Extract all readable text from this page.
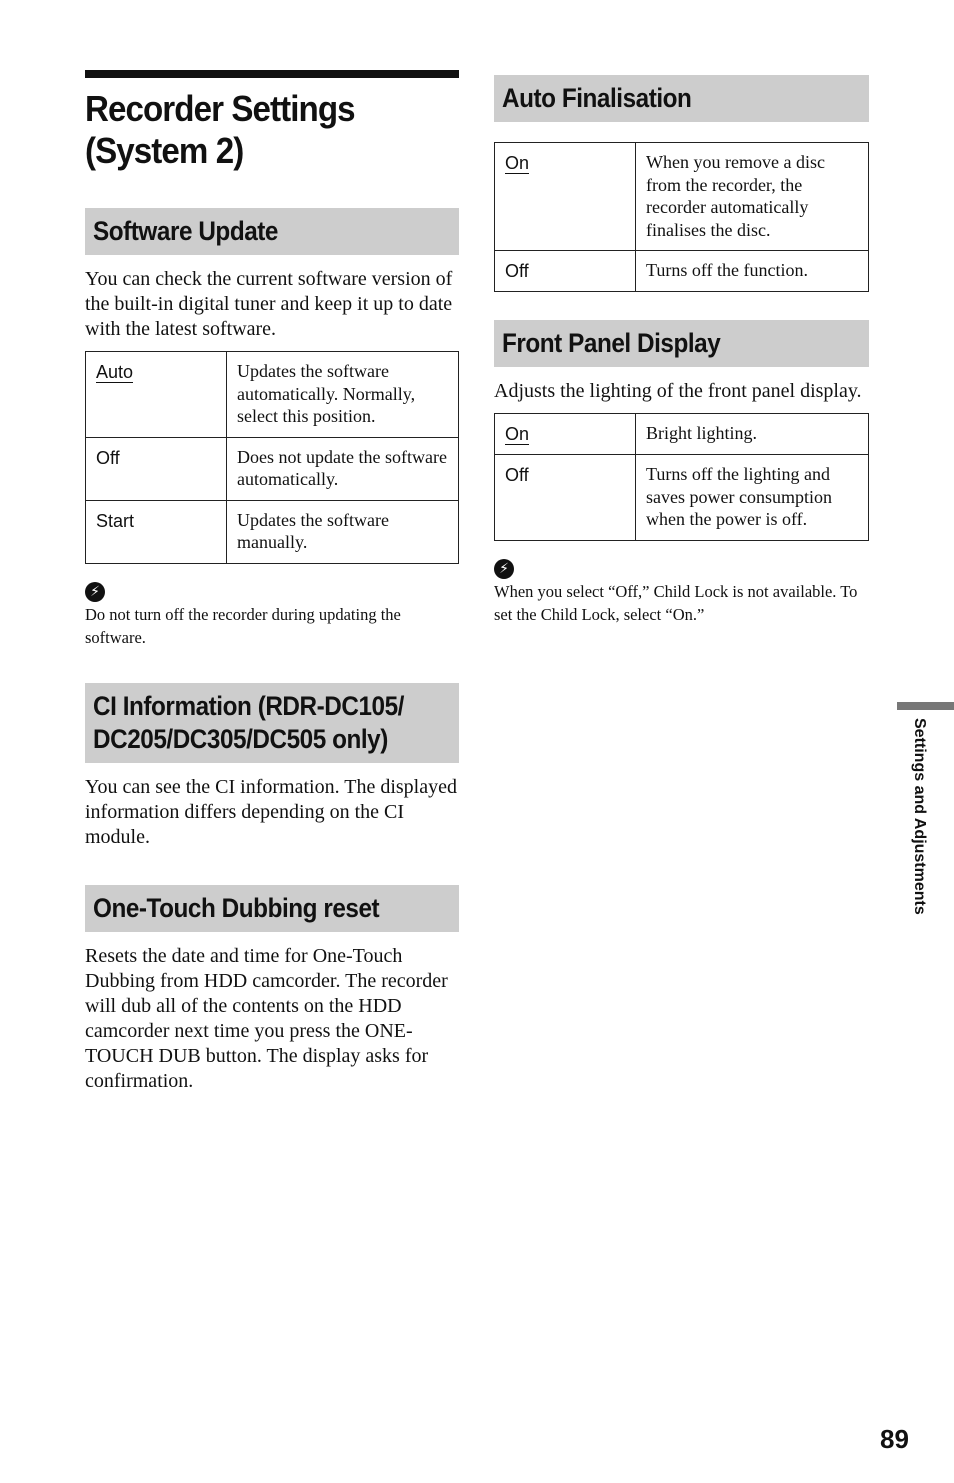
Recorder Settings
(System 2)
Software Update

You can check the current software version of the built-in digital tuner and keep it up to date with the latest software.

Auto	Updates the software automatically. Normally, select this position.
Off	Does not update the software automatically.
Start	Updates the software manually.
⚡
Do not turn off the recorder during updating the software.
CI Information (RDR-DC105/
DC205/DC305/DC505 only)

You can see the CI information. The displayed information differs depending on the CI module.

One-Touch Dubbing reset

Resets the date and time for One-Touch Dubbing from HDD camcorder. The recorder will dub all of the contents on the HDD camcorder next time you press the ONE-TOUCH DUB button. The display asks for confirmation.

Auto Finalisation
On	When you remove a disc from the recorder, the recorder automatically finalises the disc.
Off	Turns off the function.
Front Panel Display

Adjusts the lighting of the front panel display.

On	Bright lighting.
Off	Turns off the lighting and saves power consumption when the power is off.
⚡
When you select “Off,” Child Lock is not available. To set the Child Lock, select “On.”
Settings and Adjustments
89
